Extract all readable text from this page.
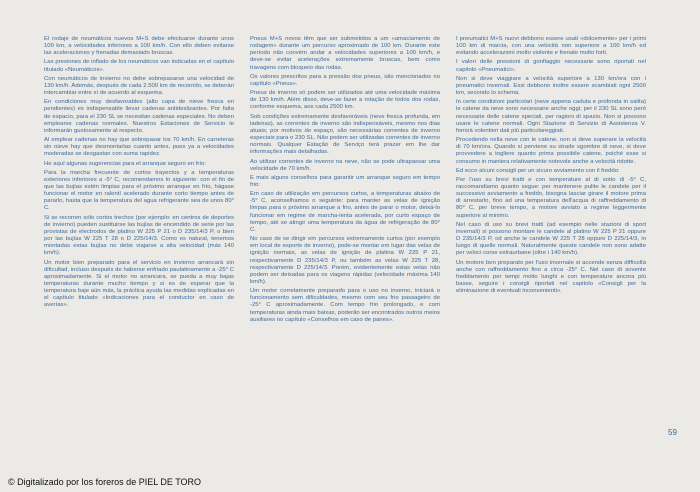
El rodaje de neumáticos nuevos M+S debe efectuarse durante unos 100 km, a velocidades inferiores a 100 km/h. Con ello deben evitarse las aceleraciones y frenadas demasiado bruscas.

Las presiones de inflado de los neumáticos van indicadas en el capítulo titulado «Neumáticos».

Con neumáticos de invierno no debe sobrepasarse una velocidad de 130 km/h. Además, después de cada 2.500 km de recorrido, se deberán intercambiar entre sí de acuerdo al esquema.

En condiciones muy desfavorables (alto capa de nieve fresca en pendientes) es indispensable llevar cadenas antideslizantes. Por falta de espacio, para el 230 SL se necesitan cadenas especiales. No deben emplearse cadenas normales. Nuestros Estaciones de Servicio le informarán gustosamente al respecto.

Al emplear cadenas no hay que sobrepasar los 70 km/h. En carreteras sin nieve hay que desmontarlas cuanto antes, pues ya a velocidades moderadas se desgastan con suma rapidez.

He aquí algunas sugerencias para el arranque seguro en frío:

Para la marcha frecuente de cortos trayectos y a temperaturas exteriores inferiores a -5° C, recomendamos lo siguiente: con el fin de que las bujías estén limpias para el próximo arranque en frío, hágase funcionar el motor en ralentí acelerado durante corto tiempo antes de pararlo, hasta que la temperatura del agua refrigerante sea de unos 80° C.

Si se recorren sólo cortos trechos (por ejemplo: en centros de deportes de invierno) pueden sustituirse las bujías de encendido de serie por las provistas de electrodos de platino W 225 P 21 o D 235/14/3 P, o bien por las bujías W 225 T 28 o D 225/14/3. Como es natural, tenemos montadas estas bujías no debe viajarse a alta velocidad (más 140 km/h).

Un motor bien preparado para el servicio en invierno arrancará sin dificultad, incluso después de haberse enfriado paulatinamente a -25° C aproximadamente. Si el motor no arrancara, se pueda a muy bajas temperaturas durante mucho tiempo y si es de esperar que la temperatura baje aún más, la práctica ayuda las medidas explicadas en el capítulo titulado «Indicaciones para el conductor en caso de averías».

Pneus M+S novos têm que ser submetidos a um «amaciamento de rodagem» durante um percurso aproximado de 100 km. Durante este período não convém andar a velocidades superiores a 100 km/h, e deve-se evitar acelerações extremamente bruscas, bem como travagens com bloqueio das rodas.

Os valores prescritos para a pressão dos pneus, são mencionados no capítulo «Pneus».

Pneus de inverno só podem ser utilizados até uma velocidade máxima de 130 km/h. Além disso, deve-se fazer a rotação de todos dos rodas, conforme esquema, aos cada 2500 km.

Sob condições extremamente desfavoráveis (neve fresca profunda, em ladeiras), as correntes de inverno são indispensáveis, mesmo nos dias atuais; por motivos de espaço, são necessárias correntes de inverno especiais para o 230 SL. Não podem ser utilizadas correntes de inverno normais. Qualquer Estação de Serviço terá prazer em lhe dar informações mais detalhadas.

Ao utilizar correntes de inverno na neve, não se pode ultrapassar uma velocidade de 70 km/h.

E mais alguns conselhos para garantir um arranque seguro em tempo frio:

Em caso de utilização em percursos curtos, a temperaturas abaixo de -5° C, aconselhamos o seguinte: para manter as velas de ignição limpas para o próximo arranque a frio, antes de parar o motor, deixá-lo funcionar em regime de marcha-lenta acelerada, por curto espaço de tempo, até se atingir uma temperatura da água de refrigeração de 80° C.

No caso de se dirigir em percursos extremamente curtos (por exemplo em local de esporte de inverno), pode-se montar em lugar das velas de ignição normais, as velas de ignição de platina W 225 P 21, respectivamente D 235/14/3 P, ou também as velas W 225 T 28, respectivamente D 225/14/3. Porém, evidentemente estas velas não podem ser deixadas para os viagens rápidas (velocidade máxima 140 km/h).

Um motor corretamente preparado para o uso no inverno, iniciará o funcionamento sem dificuldades, mesmo com seu frio passageiro de -25° C aproximadamente. Com tempo frio prolongado, e com temperaturas ainda mais baixas, poderão ser encontrados outros meios auxiliares no capítulo «Conselhos em caso de panes».

I pneumatici M+S nuovi debbono essere usati «dolcemente» per i primi 100 km di marcia, con una velocità non superiore a 100 km/h ed evitando accelerazioni molto violente e frenate molto forti.

I valori delle pressioni di gonfiaggio necessarie sono riportati nel capitolo «Pneumatici».

Non si deve viaggiare a velocità superiore a 130 km/ora con i pneumatici invernali. Essi debbono inoltre essere scambiati ogni 2500 km, secondo lo schema.

In certe condizioni particolari (neve appena caduta e profonda in salita) le catene da neve sono necessarie anche oggi; per il 230 SL sono però necessarie delle catene speciali, per ragioni di spazio. Non si possono usare le catene normali. Ogni Stazione di Servizio di Assistenza V. fornirà volentieri dati più particolareggiati.

Procedendo nella neve con le catene, non si deve superare la velocità di 70 km/ora. Quando si perviene su strade sgombre di neve, si deve provvedere a togliere quanto prima possibile catene, poiché esse si consumo in maniera relativamente notevole anche a velocità ridotte.

Ed ecco alcuni consigli per un sicuro avviamento con il freddo:

Per l'uso su brevi tratti e con temperature al di sotto di -5° C, raccomandiamo quanto segue: per mantenere pulite le candele per il successivo avviamento a freddo, bisogna lasciar girare il motore prima di arrestarlo, fino ad una temperatura dell'acqua di raffreddamento di 80° C, per breve tempo, a motore avviato a regime leggermente superiore al minimo.

Nel caso di uso su brevi tratti (ad esempio nelle stazioni di sport invernali) si possono montare le candele al platino W 225 P 21 oppure D 235/14/3 P, od anche le candele W 225 T 28 oppure D 225/14/3, in luogo di quelle normali. Naturalmente queste candele non sono adatte per veloci corse extraurbane (oltre i 140 km/h).

Un motore ben preparato per l'uso invernale si accende senza difficoltà anche con raffreddamento fino a circa -25° C. Nel caso di sovente freddamento per tempi molto lunghi e con temperature ancora più basse, seguire i consigli riportati nel capitolo «Consigli per la eliminazione di eventuali inconvenienti».

59
© Digitalizado por los foreros de PIEL DE TORO
